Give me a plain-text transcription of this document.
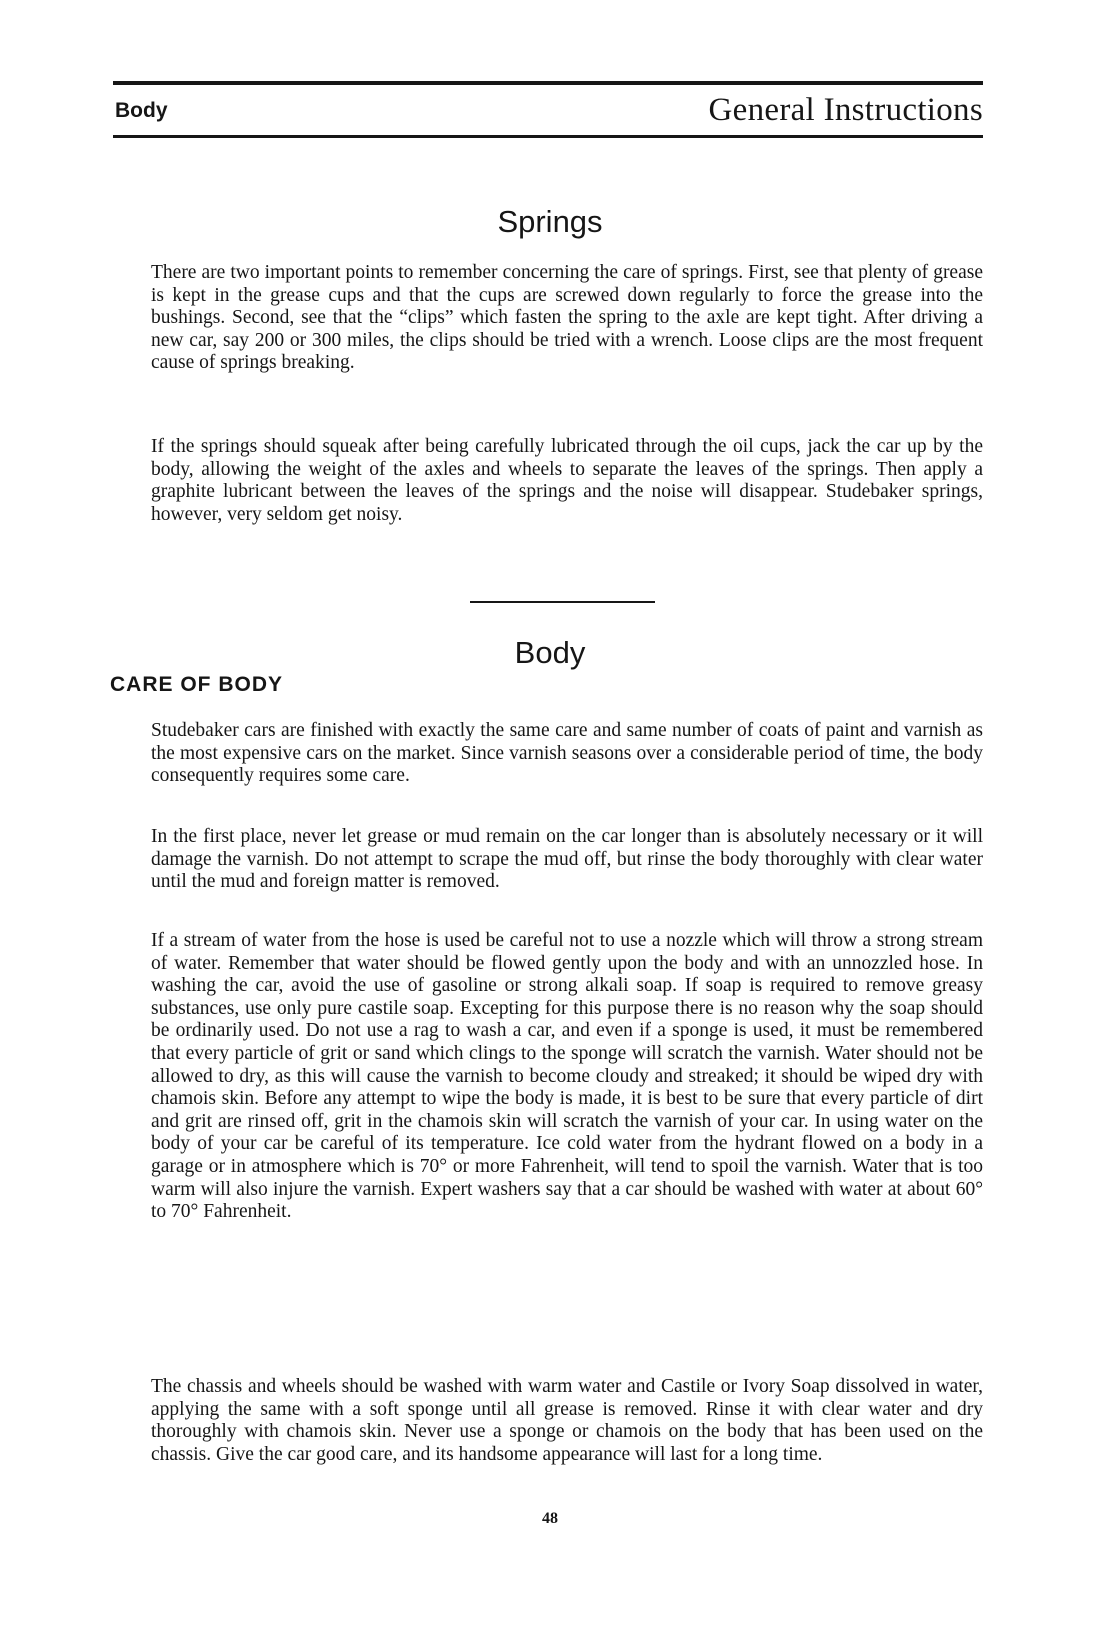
Body	General Instructions
Springs

There are two important points to remember concerning the care of springs. First, see that plenty of grease is kept in the grease cups and that the cups are screwed down regularly to force the grease into the bushings. Second, see that the “clips” which fasten the spring to the axle are kept tight. After driving a new car, say 200 or 300 miles, the clips should be tried with a wrench. Loose clips are the most frequent cause of springs breaking.

If the springs should squeak after being carefully lubricated through the oil cups, jack the car up by the body, allowing the weight of the axles and wheels to separate the leaves of the springs. Then apply a graphite lubricant between the leaves of the springs and the noise will disappear. Studebaker springs, however, very seldom get noisy.

Body
CARE OF BODY

Studebaker cars are finished with exactly the same care and same number of coats of paint and varnish as the most expensive cars on the market. Since varnish seasons over a considerable period of time, the body consequently requires some care.

In the first place, never let grease or mud remain on the car longer than is absolutely necessary or it will damage the varnish. Do not attempt to scrape the mud off, but rinse the body thoroughly with clear water until the mud and foreign matter is removed.

If a stream of water from the hose is used be careful not to use a nozzle which will throw a strong stream of water. Remember that water should be flowed gently upon the body and with an unnozzled hose. In washing the car, avoid the use of gasoline or strong alkali soap. If soap is required to remove greasy substances, use only pure castile soap. Excepting for this purpose there is no reason why the soap should be ordinarily used. Do not use a rag to wash a car, and even if a sponge is used, it must be remembered that every particle of grit or sand which clings to the sponge will scratch the varnish. Water should not be allowed to dry, as this will cause the varnish to become cloudy and streaked; it should be wiped dry with chamois skin. Before any attempt to wipe the body is made, it is best to be sure that every particle of dirt and grit are rinsed off, grit in the chamois skin will scratch the varnish of your car. In using water on the body of your car be careful of its temperature. Ice cold water from the hydrant flowed on a body in a garage or in atmosphere which is 70° or more Fahrenheit, will tend to spoil the varnish. Water that is too warm will also injure the varnish. Expert washers say that a car should be washed with water at about 60° to 70° Fahrenheit.

The chassis and wheels should be washed with warm water and Castile or Ivory Soap dissolved in water, applying the same with a soft sponge until all grease is removed. Rinse it with clear water and dry thoroughly with chamois skin. Never use a sponge or chamois on the body that has been used on the chassis. Give the car good care, and its handsome appearance will last for a long time.

48
